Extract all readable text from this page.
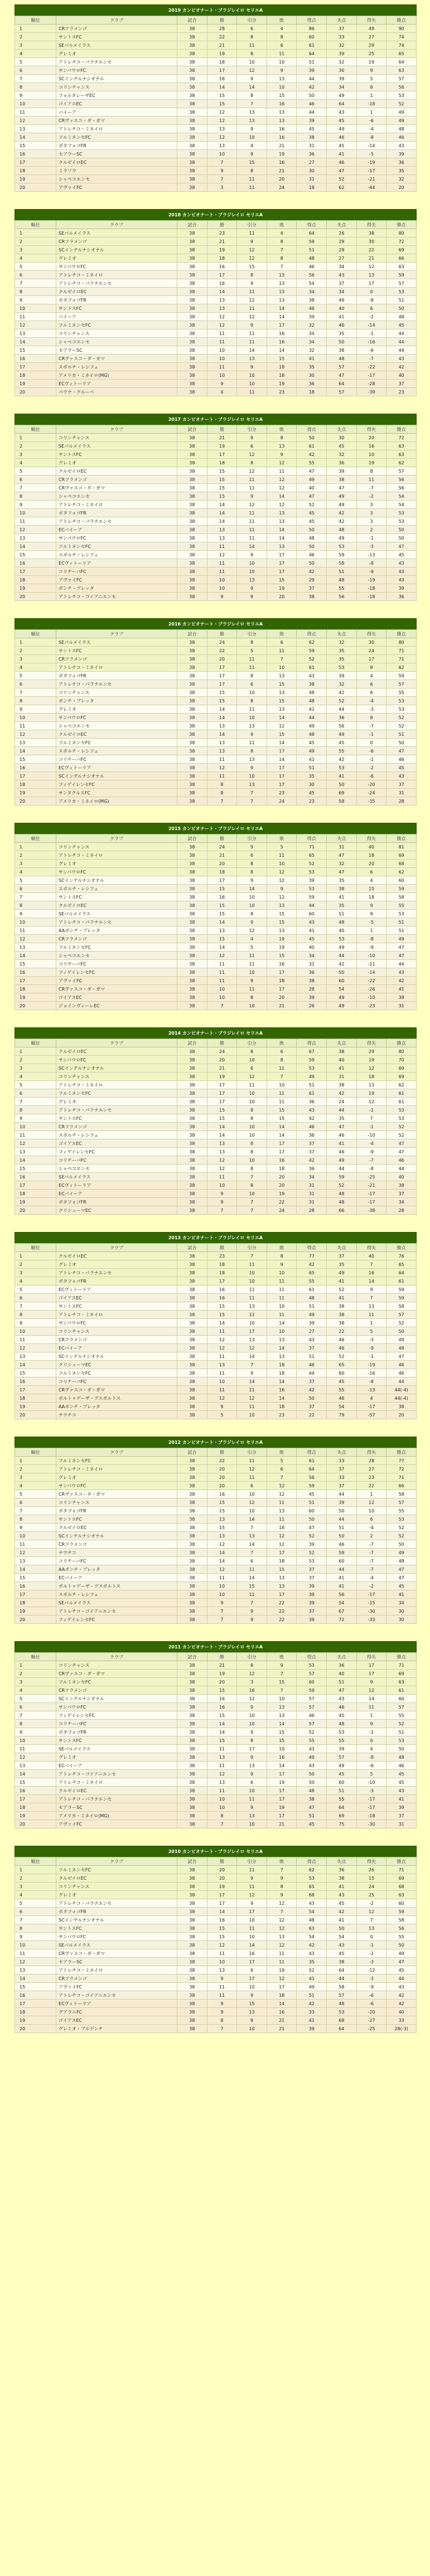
2019 カンピオナート・ブラジレイロ セリエA
順位	クラブ	試合	勝	引分	敗	得点	失点	得失	勝点
1	CRフラメンゴ	38	28	6	4	86	37	49	90
2	サントスFC	38	22	8	8	60	33	27	74
3	SEパルメイラス	38	21	11	6	61	32	29	74
4	グレミオ	38	19	8	11	64	39	25	65
5	アトレチコ・パラナエンセ	38	18	10	10	51	32	19	64
6	サンパウロFC	38	17	12	9	39	30	9	63
7	SCインテルナシオナル	38	16	9	13	44	39	5	57
8	コリンチャンス	38	14	14	10	42	34	8	56
9	フォルタレーザEC	38	15	8	15	50	49	1	53
10	ゴイアスEC	38	15	7	16	46	64	-18	52
11	バイーア	38	12	13	13	44	43	1	49
12	CRヴァスコ・ダ・ガマ	38	12	13	13	39	45	-6	49
13	アトレチコ・ミネイロ	38	13	9	16	45	49	-4	48
14	フルミネンセFC	38	12	10	16	38	46	-8	46
15	ボタフォゴFR	38	13	4	21	31	45	-14	43
16	セアラーSC	38	10	9	19	36	41	-5	39
17	クルゼイロEC	38	7	15	16	27	46	-19	36
18	ミラソウ	38	9	8	21	30	47	-17	35
19	シャペコエンセ	38	7	11	20	31	52	-21	32
20	アヴァイFC	38	3	11	24	18	62	-44	20
2018 カンピオナート・ブラジレイロ セリエA
順位	クラブ	試合	勝	引分	敗	得点	失点	得失	勝点
1	SEパルメイラス	38	23	11	4	64	26	38	80
2	CRフラメンゴ	38	21	9	8	59	29	30	72
3	SCインテルナシオナル	38	19	12	7	51	29	22	69
4	グレミオ	38	18	12	8	48	27	21	66
5	サンパウロFC	38	16	15	7	46	34	12	63
6	アトレチコ・ミネイロ	38	17	8	13	56	43	13	59
7	アトレチコ・パラナエンセ	38	16	9	13	54	37	17	57
8	クルゼイロEC	38	14	11	13	34	34	0	53
9	ボタフォゴFR	38	13	12	13	38	46	-8	51
10	サントスFC	38	13	11	14	46	40	6	50
11	バイーア	38	12	12	14	39	41	-2	48
12	フルミネンセFC	38	12	9	17	32	46	-14	45
13	コリンチャンス	38	11	11	16	34	35	-1	44
14	シャペコエンセ	38	11	11	16	34	50	-16	44
15	セアラーSC	38	10	14	14	32	38	-6	44
16	CRヴァスコ・ダ・ガマ	38	10	13	15	41	48	-7	43
17	スポルチ・レシフェ	38	11	9	18	35	57	-22	42
18	アメリカ・ミネイロ(MG)	38	10	10	18	30	47	-17	40
19	ECヴィトーリア	38	9	10	19	36	64	-28	37
20	パラナ・クルーベ	38	4	11	23	18	57	-39	23
2017 カンピオナート・ブラジレイロ セリエA
順位	クラブ	試合	勝	引分	敗	得点	失点	得失	勝点
1	コリンチャンス	38	21	9	8	50	30	20	72
2	SEパルメイラス	38	19	6	13	61	45	16	63
3	サントスFC	38	17	12	9	42	32	10	63
4	グレミオ	38	18	8	12	55	36	19	62
5	クルゼイロEC	38	15	12	11	47	39	8	57
6	CRフラメンゴ	38	15	11	12	49	38	11	56
7	CRヴァスコ・ダ・ガマ	38	15	11	12	40	47	-7	56
8	シャペコエンセ	38	15	9	14	47	49	-2	54
9	アトレチコ・ミネイロ	38	14	12	12	52	49	3	54
10	ボタフォゴFR	38	14	11	13	45	42	3	53
11	アトレチコ・パラナエンセ	38	14	11	13	45	42	3	53
12	ECバイーア	38	13	11	14	50	48	2	50
13	サンパウロFC	38	13	11	14	48	49	-1	50
14	フルミネンセFC	38	11	14	13	50	53	-3	47
15	スポルチ・レシフェ	38	12	9	17	46	59	-13	45
16	ECヴィトーリア	38	11	10	17	50	58	-8	43
17	コリチーバFC	38	11	10	17	42	51	-9	43
18	アヴァイFC	38	10	13	15	29	48	-19	43
19	ポンチ・プレッタ	38	10	9	19	37	55	-18	39
20	アトレチコ・ゴイアニエンセ	38	9	9	20	38	56	-18	36
2016 カンピオナート・ブラジレイロ セリエA
順位	クラブ	試合	勝	引分	敗	得点	失点	得失	勝点
1	SEパルメイラス	38	24	8	6	62	32	30	80
2	サントスFC	38	22	5	11	59	35	24	71
3	CRフラメンゴ	38	20	11	7	52	35	17	71
4	アトレチコ・ミネイロ	38	17	11	10	61	53	8	62
5	ボタフォゴFR	38	17	8	13	43	39	4	59
6	アトレチコ・パラナエンセ	38	17	6	15	38	32	6	57
7	コリンチャンス	38	15	10	13	48	42	6	55
8	ポンチ・プレッタ	38	15	8	15	48	52	-4	53
9	グレミオ	38	14	11	13	41	44	-3	53
10	サンパウロFC	38	14	10	14	44	36	8	52
11	シャペコエンセ	38	13	13	12	49	56	-7	52
12	クルゼイロEC	38	14	9	15	48	49	-1	51
13	フルミネンセFC	38	13	11	14	45	45	0	50
14	スポルチ・レシフェ	38	13	8	17	49	55	-6	47
15	コリチーバFC	38	11	13	14	41	42	-1	46
16	ECヴィトーリア	38	12	9	17	51	53	-2	45
17	SCインテルナシオナル	38	11	10	17	35	41	-6	43
18	フィゲイレンセFC	38	8	13	17	30	50	-20	37
19	サンタクルスFC	38	8	7	23	45	69	-24	31
20	アメリカ・ミネイロ(MG)	38	7	7	24	23	58	-35	28
2015 カンピオナート・ブラジレイロ セリエA
順位	クラブ	試合	勝	引分	敗	得点	失点	得失	勝点
1	コリンチャンス	38	24	9	5	71	31	40	81
2	アトレチコ・ミネイロ	38	21	6	11	65	47	18	69
3	グレミオ	38	20	8	10	52	32	20	68
4	サンパウロFC	38	18	8	12	53	47	6	62
5	SCインテルナシオナル	38	17	9	12	39	35	4	60
6	スポルチ・レシフェ	38	15	14	9	53	38	15	59
7	サントスFC	38	16	10	12	59	41	18	58
8	クルゼイロEC	38	15	10	13	44	35	9	55
9	SEパルメイラス	38	15	8	15	60	51	9	53
10	アトレチコ・パラナエンセ	38	14	9	15	43	48	-5	51
11	AAポンチ・プレッタ	38	13	12	13	41	40	1	51
12	CRフラメンゴ	38	15	4	19	45	53	-8	49
13	フルミネンセFC	38	14	5	19	40	49	-9	47
14	シャペコエンセ	38	12	11	15	34	44	-10	47
15	コリチーバFC	38	11	11	16	31	42	-11	44
16	フィゲイレンセFC	38	11	10	17	36	50	-14	43
17	アヴァイFC	38	11	9	18	38	60	-22	42
18	CRヴァスコ・ダ・ガマ	38	10	11	17	28	54	-26	41
19	ゴイアスEC	38	10	8	20	39	49	-10	38
20	ジョインヴィーレEC	38	7	10	21	26	49	-23	31
2014 カンピオナート・ブラジレイロ セリエA
順位	クラブ	試合	勝	引分	敗	得点	失点	得失	勝点
1	クルゼイロEC	38	24	8	6	67	38	29	80
2	サンパウロFC	38	20	10	8	59	40	19	70
3	SCインテルナシオナル	38	21	6	11	53	41	12	69
4	コリンチャンス	38	19	12	7	49	31	18	69
5	アトレチコ・ミネイロ	38	17	11	10	51	38	13	62
6	フルミネンセFC	38	17	10	11	61	42	19	61
7	グレミオ	38	17	10	11	36	24	12	61
8	アトレチコ・パラナエンセ	38	15	8	15	43	44	-1	53
9	サントスFC	38	15	8	15	42	35	7	53
10	CRフラメンゴ	38	14	10	14	46	47	-1	52
11	スポルチ・レシフェ	38	14	10	14	36	46	-10	52
12	ゴイアスEC	38	13	8	17	37	41	-4	47
13	フィゲイレンセFC	38	13	8	17	37	46	-9	47
14	コリチーバFC	38	12	10	16	42	49	-7	46
15	シャペコエンセ	38	12	8	18	36	44	-8	44
16	SEパルメイラス	38	11	7	20	34	59	-25	40
17	ECヴィトーリア	38	10	8	20	31	52	-21	38
18	ECバイーア	38	9	10	19	31	48	-17	37
19	ボタフォゴFR	38	9	7	22	31	48	-17	34
20	クリシューマEC	38	7	7	24	28	66	-38	28
2013 カンピオナート・ブラジレイロ セリエA
順位	クラブ	試合	勝	引分	敗	得点	失点	得失	勝点
1	クルゼイロEC	38	23	7	8	77	37	40	76
2	グレミオ	38	18	11	9	42	35	7	65
3	アトレチコ・パラナエンセ	38	18	10	10	65	49	16	64
4	ボタフォゴFR	38	17	10	11	55	41	14	61
5	ECヴィトーリア	38	16	11	11	61	52	9	59
6	ゴイアスEC	38	16	11	11	48	41	7	59
7	サントスFC	38	15	13	10	51	38	13	58
8	アトレチコ・ミネイロ	38	15	12	11	49	38	11	57
9	サンパウロFC	38	14	10	14	39	38	1	52
10	コリンチャンス	38	11	17	10	27	22	5	50
11	CRフラメンゴ	38	12	13	13	43	46	-3	49
12	ECバイーア	38	12	12	14	37	46	-9	48
13	SCインテルナシオナル	38	11	14	13	51	52	-1	47
14	クリシューマEC	38	13	7	18	46	65	-19	46
15	フルミネンセFC	38	11	9	18	44	60	-16	46
16	コリチーバFC	38	10	14	14	37	45	-8	44
17	CRヴァスコ・ダ・ガマ	38	11	11	16	42	55	-13	44(-4)
18	ポルトゥゲーザ・デスポルトス	38	12	12	14	50	46	4	44(-4)
19	AAポンチ・プレッタ	38	9	11	18	37	54	-17	38
20	ナウチコ	38	5	10	23	22	79	-57	20
2012 カンピオナート・ブラジレイロ セリエA
順位	クラブ	試合	勝	引分	敗	得点	失点	得失	勝点
1	フルミネンセFC	38	22	11	5	61	33	28	77
2	アトレチコ・ミネイロ	38	20	12	6	64	37	27	72
3	グレミオ	38	20	11	7	56	33	23	71
4	サンパウロFC	38	20	6	12	59	37	22	66
5	CRヴァスコ・ダ・ガマ	38	16	10	12	45	44	1	58
6	コリンチャンス	38	15	12	11	51	39	12	57
7	ボタフォゴFR	38	15	10	13	60	50	10	55
8	サントスFC	38	13	14	11	50	44	6	53
9	クルゼイロEC	38	15	7	16	47	51	-4	52
10	SCインテルナシオナル	38	13	13	12	52	50	2	52
11	CRフラメンゴ	38	12	14	12	39	46	-7	50
12	ナウチコ	38	14	7	17	52	59	-7	49
13	コリチーバFC	38	14	6	18	53	60	-7	48
14	AAポンチ・プレッタ	38	12	11	15	37	44	-7	47
15	ECバイーア	38	11	14	13	37	41	-4	47
16	ポルトゥゲーザ・デスポルトス	38	10	15	13	39	41	-2	45
17	スポルチ・レシフェ	38	10	11	17	39	56	-17	41
18	SEパルメイラス	38	9	7	22	39	54	-15	34
19	アトレチコ・ゴイアニエンセ	38	7	9	22	37	67	-30	30
20	フィゲイレンセFC	38	7	9	22	39	72	-33	30
2011 カンピオナート・ブラジレイロ セリエA
順位	クラブ	試合	勝	引分	敗	得点	失点	得失	勝点
1	コリンチャンス	38	21	8	9	53	36	17	71
2	CRヴァスコ・ダ・ガマ	38	19	12	7	57	40	17	69
3	フルミネンセFC	38	20	3	15	60	51	9	63
4	CRフラメンゴ	38	15	16	7	59	47	12	61
5	SCインテルナシオナル	38	16	12	10	57	43	14	60
6	サンパウロFC	38	16	9	13	57	46	11	57
7	フィゲイレンセFC	38	15	10	13	46	45	1	55
8	コリチーバFC	38	14	10	14	57	48	9	52
9	ボタフォゴFR	38	14	9	15	52	53	-1	51
10	サントスFC	38	15	8	15	55	55	0	53
11	SEパルメイラス	38	11	17	10	43	39	4	50
12	グレミオ	38	13	9	16	49	57	-8	48
13	ECバイーア	38	11	13	14	43	49	-6	46
14	アトレチコ・ゴイアニエンセ	38	12	9	17	50	45	5	45
15	アトレチコ・ミネイロ	38	13	6	19	50	60	-10	45
16	クルゼイロEC	38	11	10	17	48	51	-3	43
17	アトレチコ・パラナエンセ	38	10	11	17	38	55	-17	41
18	セアラーSC	38	10	9	19	47	64	-17	39
19	アメリカ・ミネイロ(MG)	38	8	13	17	51	69	-18	37
20	アヴァイFC	38	7	10	21	45	75	-30	31
2010 カンピオナート・ブラジレイロ セリエA
順位	クラブ	試合	勝	引分	敗	得点	失点	得失	勝点
1	フルミネンセFC	38	20	11	7	62	36	26	71
2	クルゼイロEC	38	20	9	9	53	38	15	69
3	コリンチャンス	38	19	11	8	65	41	24	68
4	グレミオ	38	17	12	9	68	43	25	63
5	アトレチコ・パラナエンセ	38	17	9	12	43	45	-2	60
6	ボタフォゴFR	38	14	17	7	54	42	12	59
7	SCインテルナシオナル	38	16	10	12	48	41	7	58
8	サントスFC	38	15	11	12	63	50	13	56
9	サンパウロFC	38	15	10	13	54	54	0	55
10	SEパルメイラス	38	12	14	12	42	43	-1	50
11	CRヴァスコ・ダ・ガマ	38	11	16	11	43	45	-2	49
12	セアラーSC	38	10	17	11	35	38	-3	47
13	アトレチコ・ミネイロ	38	13	6	19	52	64	-12	45
14	CRフラメンゴ	38	9	17	12	41	44	-3	44
15	アヴァイFC	38	11	10	17	49	58	-9	43
16	アトレチコ・ゴイアニエンセ	38	11	9	18	51	57	-6	42
17	ECヴィトーリア	38	9	15	14	42	48	-6	42
18	グアラニFC	38	9	13	16	33	53	-20	40
19	ゴイアスEC	38	8	9	21	41	68	-27	33
20	グレミオ・プルデンチ	38	7	10	21	39	64	-25	28(-3)
